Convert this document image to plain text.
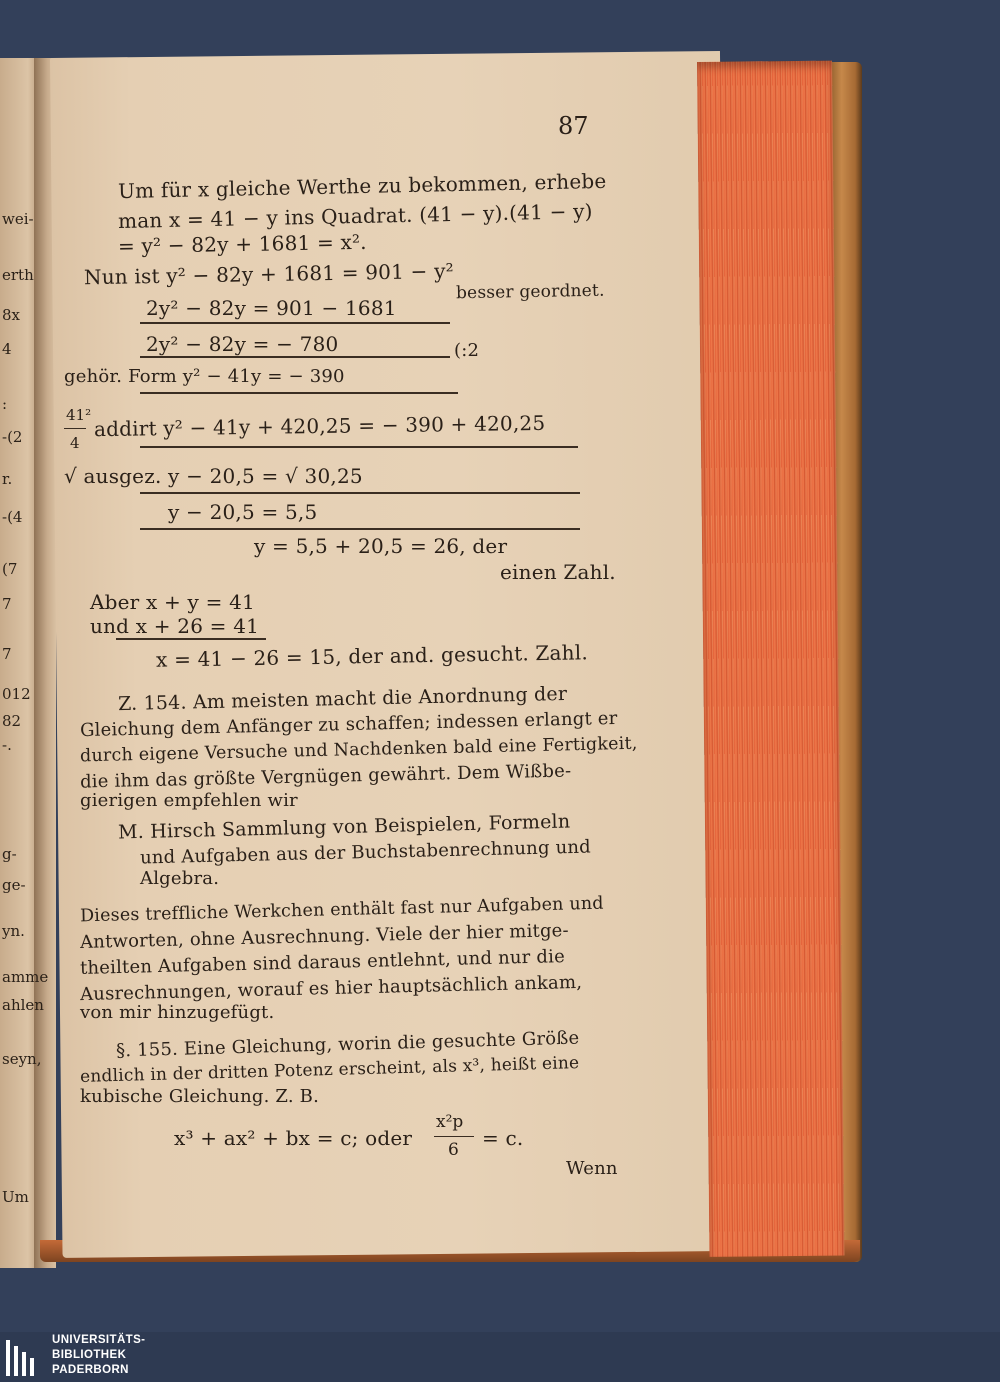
wei-
erth
8x
4
:
-(2
r.
-(4
(7
7
7
012
82
-.
g-
ge-
yn.
amme
ahlen
seyn,
Um
87
Um für x gleiche Werthe zu bekommen, erhebe
man x = 41 − y ins Quadrat. (41 − y).(41 − y)
= y² − 82y + 1681 = x².
Nun ist y² − 82y + 1681 = 901 − y²
besser geordnet.
2y² − 82y = 901 − 1681
2y² − 82y = − 780	(:2
gehör. Form y² − 41y = − 390
41²
4
addirt y² − 41y + 420,25 = − 390 + 420,25
√ ausgez. y − 20,5 = √ 30,25
y − 20,5 = 5,5
y = 5,5 + 20,5 = 26, der
einen Zahl.
Aber x + y = 41
und x + 26 = 41
x = 41 − 26 = 15, der and. gesucht. Zahl.
Z. 154. Am meisten macht die Anordnung der
Gleichung dem Anfänger zu schaffen; indessen erlangt er
durch eigene Versuche und Nachdenken bald eine Fertigkeit,
die ihm das größte Vergnügen gewährt. Dem Wißbe-
gierigen empfehlen wir
M. Hirsch Sammlung von Beispielen, Formeln
und Aufgaben aus der Buchstabenrechnung und
Algebra.
Dieses treffliche Werkchen enthält fast nur Aufgaben und
Antworten, ohne Ausrechnung. Viele der hier mitge-
theilten Aufgaben sind daraus entlehnt, und nur die
Ausrechnungen, worauf es hier hauptsächlich ankam,
von mir hinzugefügt.
§. 155. Eine Gleichung, worin die gesuchte Größe
endlich in der dritten Potenz erscheint, als x³, heißt eine
kubische Gleichung. Z. B.
x²p
x³ + ax² + bx = c; oder 6 = c.
Wenn
UNIVERSITÄTS-
BIBLIOTHEK
PADERBORN
